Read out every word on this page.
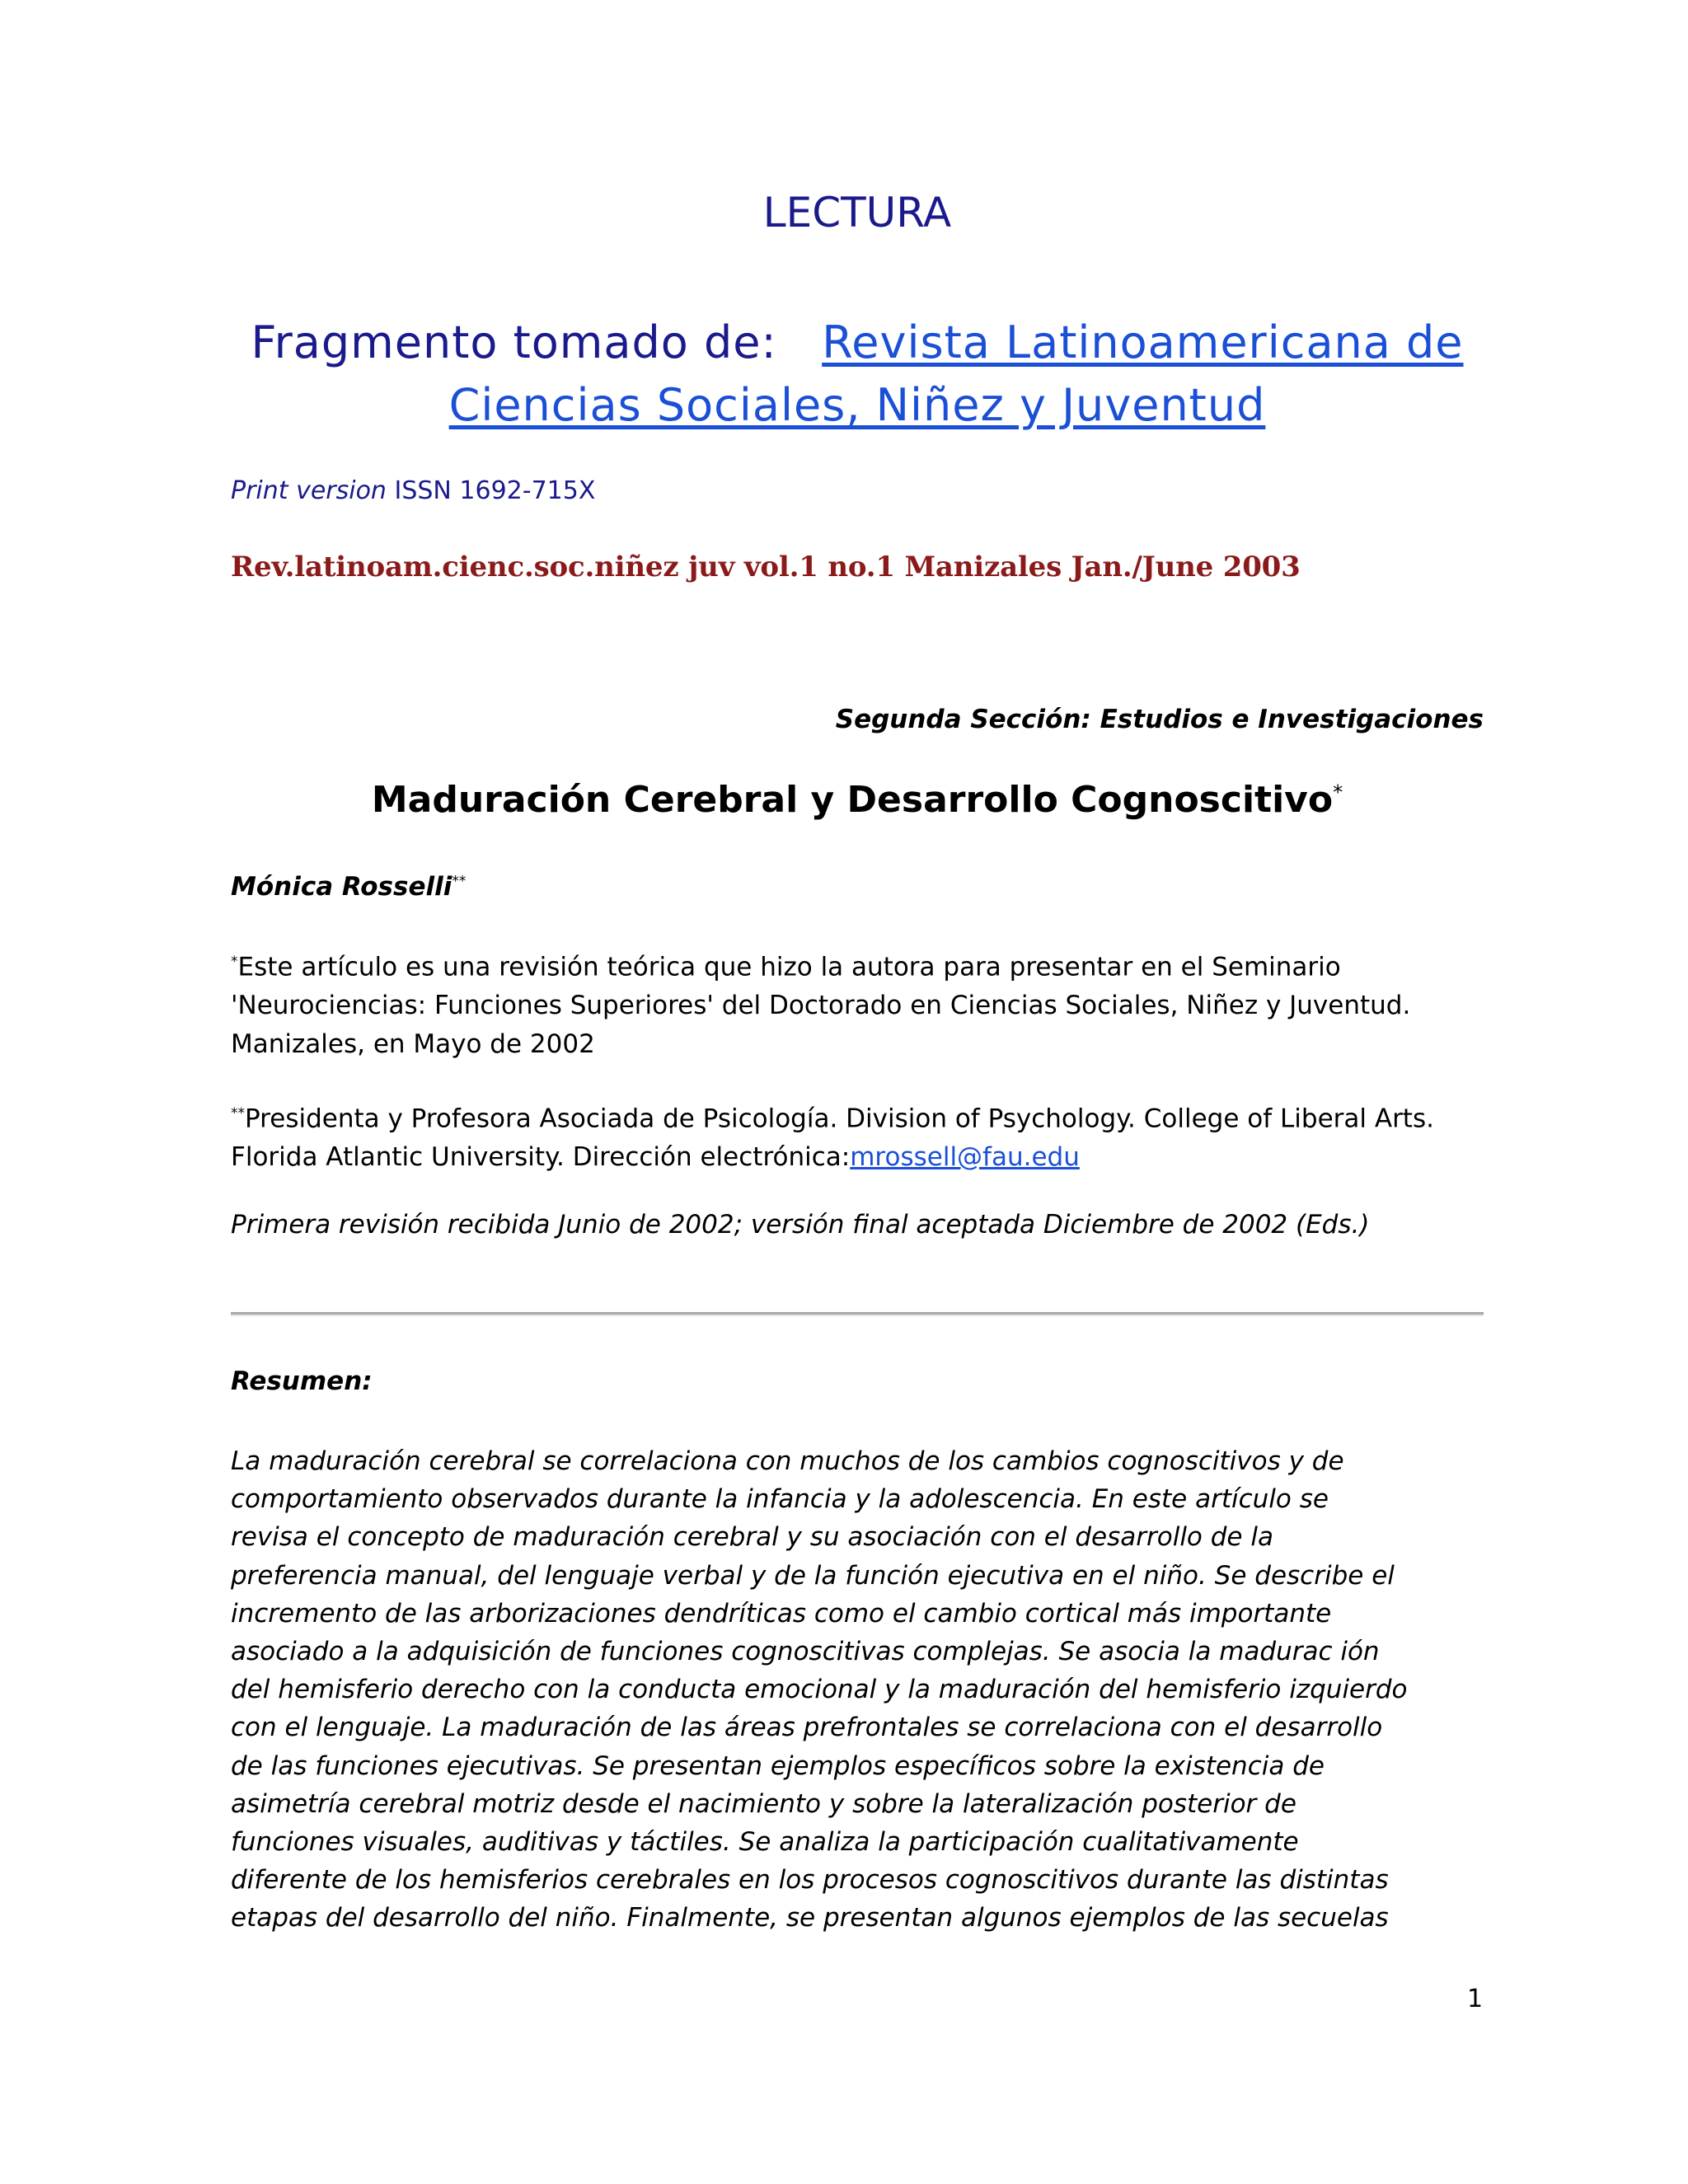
LECTURA
Fragmento tomado de: Revista Latinoamericana de
Ciencias Sociales, Niñez y Juventud
Print version ISSN 1692-715X
Rev.latinoam.cienc.soc.niñez juv vol.1 no.1 Manizales Jan./June 2003
Segunda Sección: Estudios e Investigaciones
Maduración Cerebral y Desarrollo Cognoscitivo*
Mónica Rosselli**
*Este artículo es una revisión teórica que hizo la autora para presentar en el Seminario 'Neurociencias: Funciones Superiores' del Doctorado en Ciencias Sociales, Niñez y Juventud. Manizales, en Mayo de 2002
**Presidenta y Profesora Asociada de Psicología. Division of Psychology. College of Liberal Arts. Florida Atlantic University. Dirección electrónica:mrossell@fau.edu
Primera revisión recibida Junio de 2002; versión final aceptada Diciembre de 2002 (Eds.)
Resumen:
La maduración cerebral se correlaciona con muchos de los cambios cognoscitivos y de
comportamiento observados durante la infancia y la adolescencia. En este artículo se
revisa el concepto de maduración cerebral y su asociación con el desarrollo de la
preferencia manual, del lenguaje verbal y de la función ejecutiva en el niño. Se describe el
incremento de las arborizaciones dendríticas como el cambio cortical más importante
asociado a la adquisición de funciones cognoscitivas complejas. Se asocia la madurac ión
del hemisferio derecho con la conducta emocional y la maduración del hemisferio izquierdo
con el lenguaje. La maduración de las áreas prefrontales se correlaciona con el desarrollo
de las funciones ejecutivas. Se presentan ejemplos específicos sobre la existencia de
asimetría cerebral motriz desde el nacimiento y sobre la lateralización posterior de
funciones visuales, auditivas y táctiles. Se analiza la participación cualitativamente
diferente de los hemisferios cerebrales en los procesos cognoscitivos durante las distintas
etapas del desarrollo del niño. Finalmente, se presentan algunos ejemplos de las secuelas
1
